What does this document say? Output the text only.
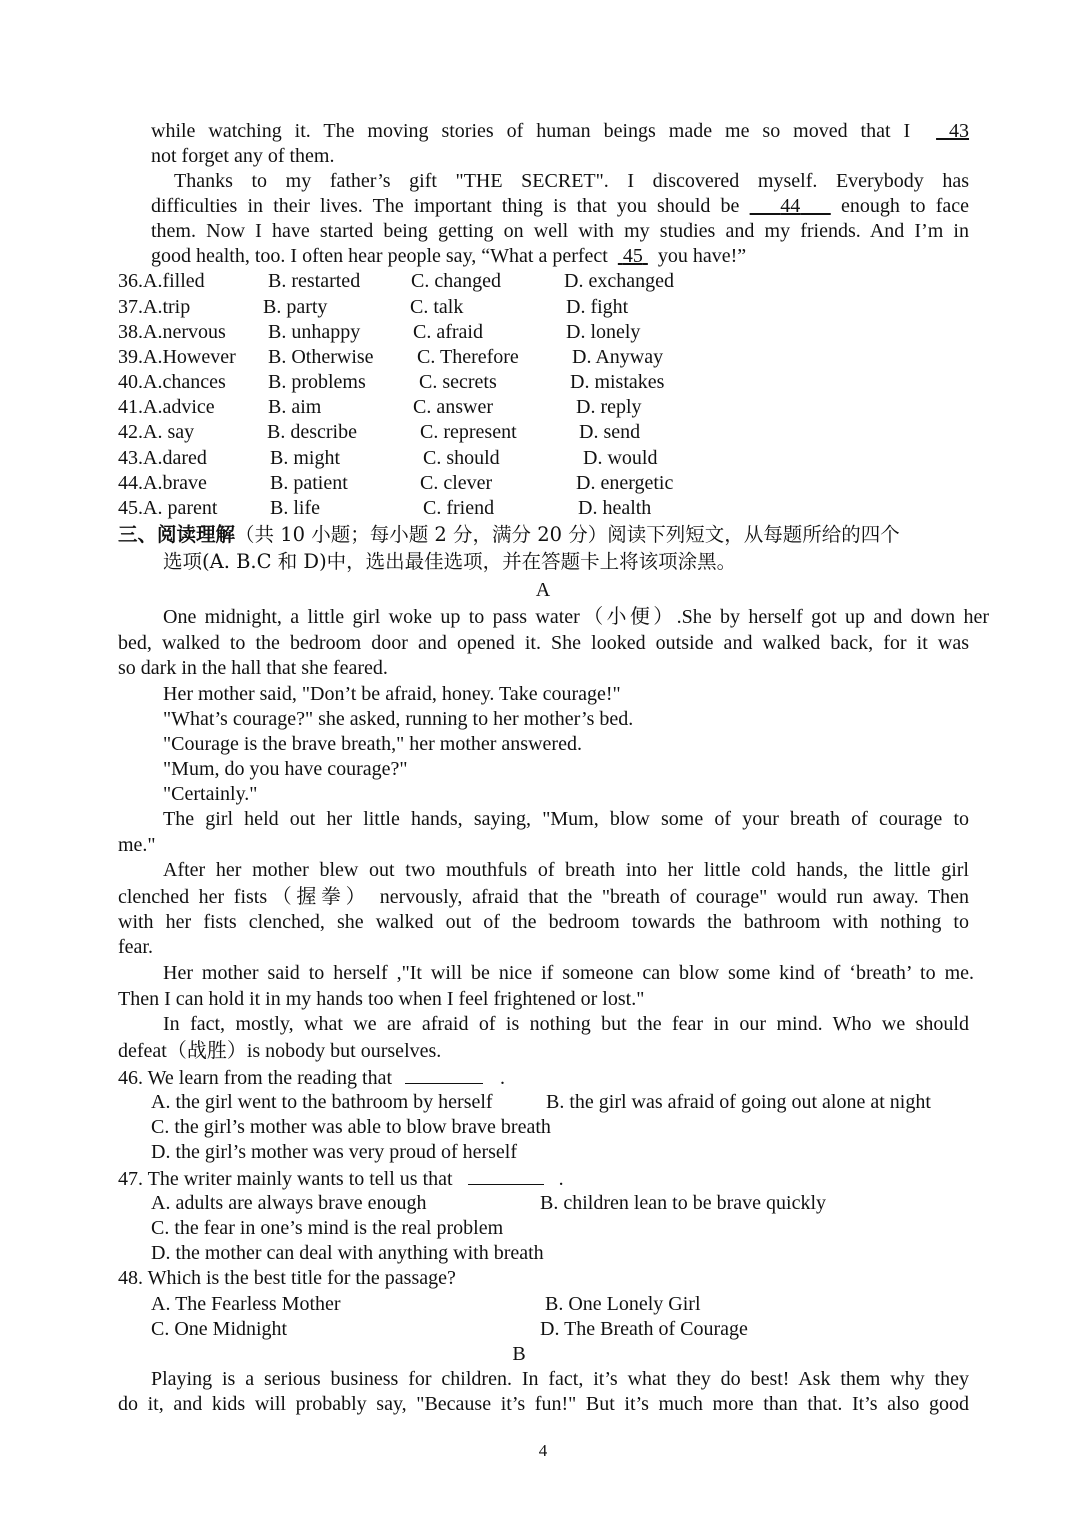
while watching it. The moving stories of human beings made me so moved that I 43
not forget any of them.
Thanks to my father’s gift "THE SECRET". I discovered myself. Everybody has
difficulties in their lives. The important thing is that you should be 44 enough to face
them. Now I have started being getting on well with my studies and my friends. And I’m in
good health, too. I often hear people say, “What a perfect 45 you have!”
36.A.filled	B. restarted	C. changed	D. exchanged
37.A.trip	B. party	C. talk	D. fight
38.A.nervous B. unhappy	C. afraid	D. lonely
39.A.However B. Otherwise C. Therefore	D. Anyway
40.A.chances B. problems	C. secrets	D. mistakes
41.A.advice	B. aim	C. answer	D. reply
42.A. say	B. describe	C. represent	D. send
43.A.dared	B. might	C. should	D. would
44.A.brave	B. patient	C. clever	D. energetic
45.A. parent	B. life	C. friend	D. health
三、阅读理解（共 10 小题；每小题 2 分，满分 20 分）阅读下列短文，从每题所给的四个
选项(A. B.C 和 D)中，选出最佳选项，并在答题卡上将该项涂黑。
A
One midnight, a little girl woke up to pass water（小便）.She by herself got up and down her
bed, walked to the bedroom door and opened it. She looked outside and walked back, for it was
so dark in the hall that she feared.
Her mother said, "Don’t be afraid, honey. Take courage!"
"What’s courage?" she asked, running to her mother’s bed.
"Courage is the brave breath," her mother answered.
"Mum, do you have courage?"
"Certainly."
The girl held out her little hands, saying, "Mum, blow some of your breath of courage to
me."
After her mother blew out two mouthfuls of breath into her little cold hands, the little girl
clenched her fists（握拳） nervously, afraid that the "breath of courage" would run away. Then
with her fists clenched, she walked out of the bedroom towards the bathroom with nothing to
fear.
Her mother said to herself ,"It will be nice if someone can blow some kind of ‘breath’ to me.
Then I can hold it in my hands too when I feel frightened or lost."
In fact, mostly, what we are afraid of is nothing but the fear in our mind. Who we should
defeat（战胜）is nobody but ourselves.
46. We learn from the reading that	.
A. the girl went to the bathroom by herself	B. the girl was afraid of going out alone at night
C. the girl’s mother was able to blow brave breath
D. the girl’s mother was very proud of herself
47. The writer mainly wants to tell us that	.
A. adults are always brave enough	B. children lean to be brave quickly
C. the fear in one’s mind is the real problem
D. the mother can deal with anything with breath
48. Which is the best title for the passage?
A. The Fearless Mother	B. One Lonely Girl
C. One Midnight	D. The Breath of Courage
B
Playing is a serious business for children. In fact, it’s what they do best! Ask them why they
do it, and kids will probably say, "Because it’s fun!" But it’s much more than that. It’s also good
4
